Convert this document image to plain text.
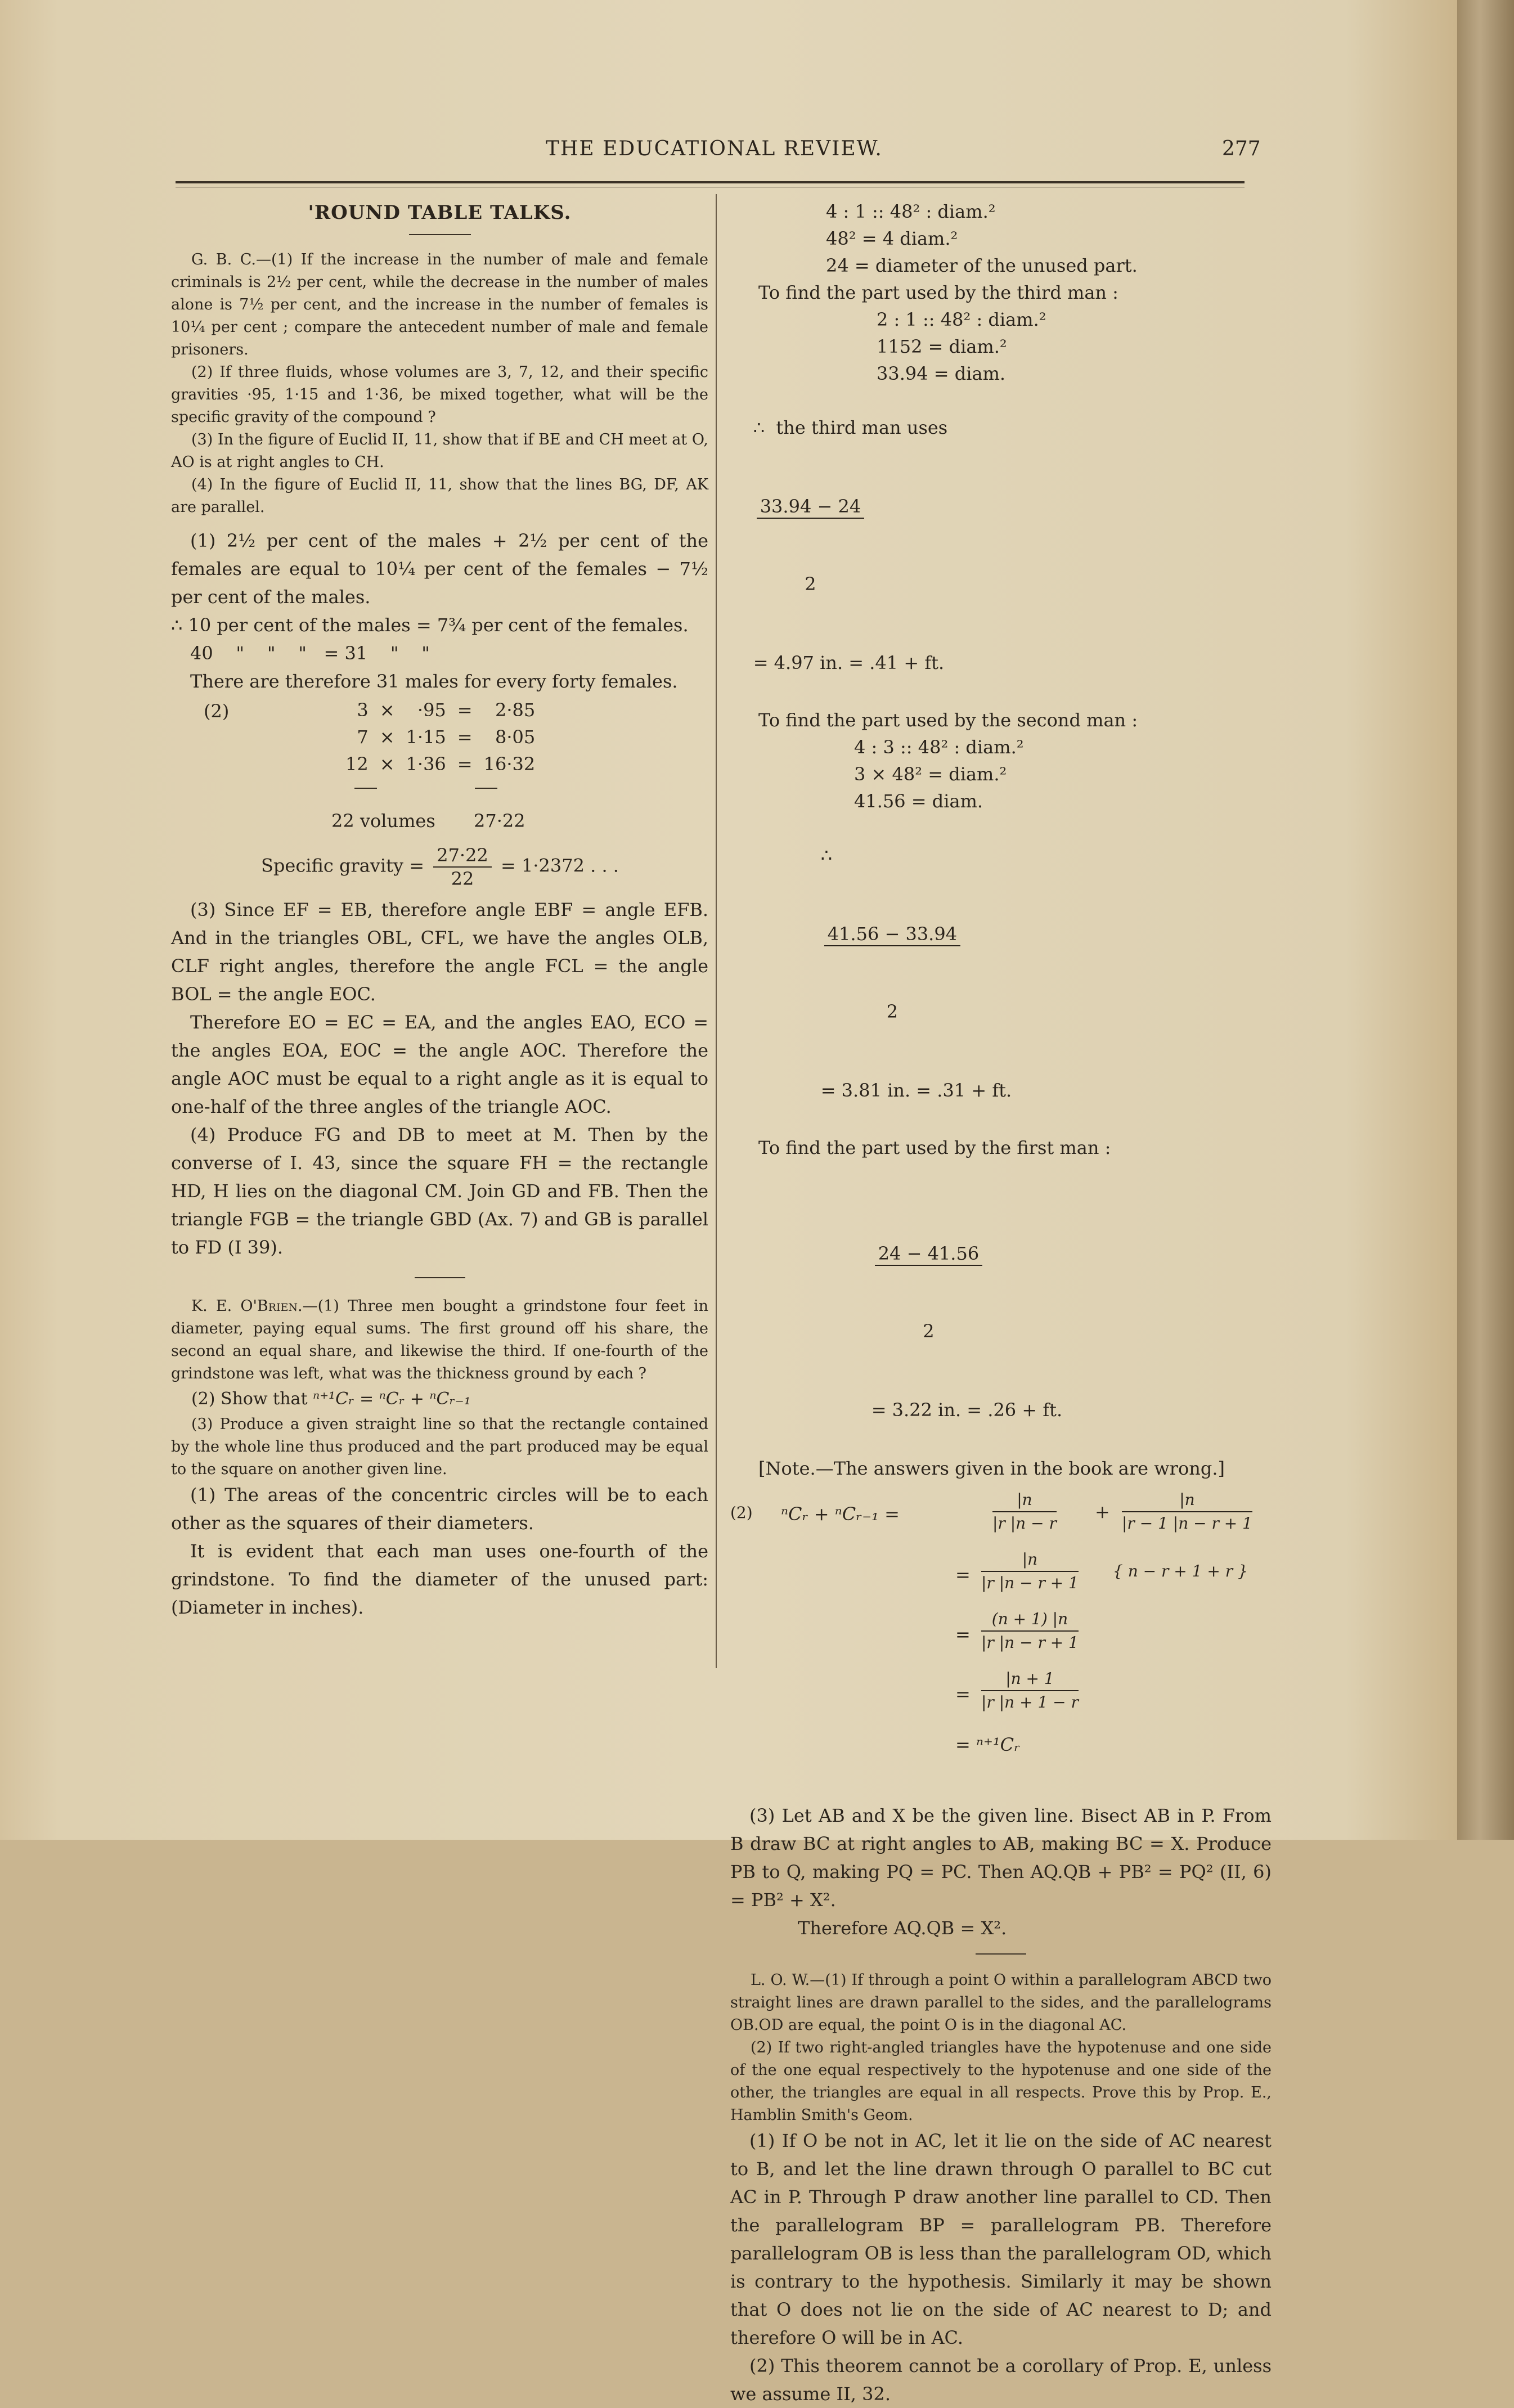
THE EDUCATIONAL REVIEW.	277
'ROUND TABLE TALKS.

G. B. C.—(1) If the increase in the number of male and female criminals is 2½ per cent, while the decrease in the number of males alone is 7½ per cent, and the increase in the number of females is 10¼ per cent ; compare the antecedent number of male and female prisoners.

(2) If three fluids, whose volumes are 3, 7, 12, and their specific gravities ·95, 1·15 and 1·36, be mixed together, what will be the specific gravity of the compound ?

(3) In the figure of Euclid II, 11, show that if BE and CH meet at O, AO is at right angles to CH.

(4) In the figure of Euclid II, 11, show that the lines BG, DF, AK are parallel.

(1) 2½ per cent of the males + 2½ per cent of the females are equal to 10¼ per cent of the females − 7½ per cent of the males.

∴ 10 per cent of the males = 7¾ per cent of the females.

40    "    "    "   = 31    "    "

There are therefore 31 males for every forty females.

(2)	3	×	·95	=	2·85
7	×	1·15	=	8·05
12	×	1·36	=	16·32
22 volumes 27·22
Specific gravity = $\frac{27\cdot 22}{22} = 1\cdot 2372$ . . .

(3) Since EF = EB, therefore angle EBF = angle EFB. And in the triangles OBL, CFL, we have the angles OLB, CLF right angles, therefore the angle FCL = the angle BOL = the angle EOC.

Therefore EO = EC = EA, and the angles EAO, ECO = the angles EOA, EOC = the angle AOC. Therefore the angle AOC must be equal to a right angle as it is equal to one-half of the three angles of the triangle AOC.

(4) Produce FG and DB to meet at M. Then by the converse of I. 43, since the square FH = the rectangle HD, H lies on the diagonal CM. Join GD and FB. Then the triangle FGB = the triangle GBD (Ax. 7) and GB is parallel to FD (I 39).

K. E. O'Brien.—(1) Three men bought a grindstone four feet in diameter, paying equal sums. The first ground off his share, the second an equal share, and likewise the third. If one-fourth of the grindstone was left, what was the thickness ground by each ?

(2) Show that ⁿ⁺¹Cᵣ = ⁿCᵣ + ⁿCᵣ₋₁

(3) Produce a given straight line so that the rectangle contained by the whole line thus produced and the part produced may be equal to the square on another given line.

(1) The areas of the concentric circles will be to each other as the squares of their diameters.

It is evident that each man uses one-fourth of the grindstone. To find the diameter of the unused part: (Diameter in inches).

4 : 1 :: 48² : diam.²

48² = 4 diam.²

24 = diameter of the unused part.

To find the part used by the third man :

2 : 1 :: 48² : diam.²

1152 = diam.²

33.94 = diam.

∴  the third man uses

$\frac{33.94 - 24}{2}$

= 4.97 in. = .41 + ft.

To find the part used by the second man :

4 : 3 :: 48² : diam.²

3 × 48² = diam.²

41.56 = diam.

∴

$\frac{41.56 - 33.94}{2}$

= 3.81 in. = .31 + ft.

To find the part used by the first man :

$\frac{24 - 41.56}{2}$

= 3.22 in. = .26 + ft.

[Note.—The answers given in the book are wrong.]

(2) ⁿCᵣ + ⁿCᵣ₋₁ =	$\frac{|n}{|r |n - r} + \frac{|n}{|r - 1 |n - r + 1}$
= $\frac{|n}{|r |n - r + 1}$ { n − r + 1 + r }
= $\frac{(n + 1) |n}{|r |n - r + 1}$
= $\frac{|n + 1}{|r |n + 1 - r}$
= ⁿ⁺¹Cᵣ

(3) Let AB and X be the given line. Bisect AB in P. From B draw BC at right angles to AB, making BC = X. Produce PB to Q, making PQ = PC. Then AQ.QB + PB² = PQ² (II, 6) = PB² + X².

Therefore AQ.QB = X².

L. O. W.—(1) If through a point O within a parallelogram ABCD two straight lines are drawn parallel to the sides, and the parallelograms OB.OD are equal, the point O is in the diagonal AC.

(2) If two right-angled triangles have the hypotenuse and one side of the one equal respectively to the hypotenuse and one side of the other, the triangles are equal in all respects. Prove this by Prop. E., Hamblin Smith's Geom.

(1) If O be not in AC, let it lie on the side of AC nearest to B, and let the line drawn through O parallel to BC cut AC in P. Through P draw another line parallel to CD. Then the parallelogram BP = parallelogram PB. Therefore parallelogram OB is less than the parallelogram OD, which is contrary to the hypothesis. Similarly it may be shown that O does not lie on the side of AC nearest to D; and therefore O will be in AC.

(2) This theorem cannot be a corollary of Prop. E, unless we assume II, 32.
